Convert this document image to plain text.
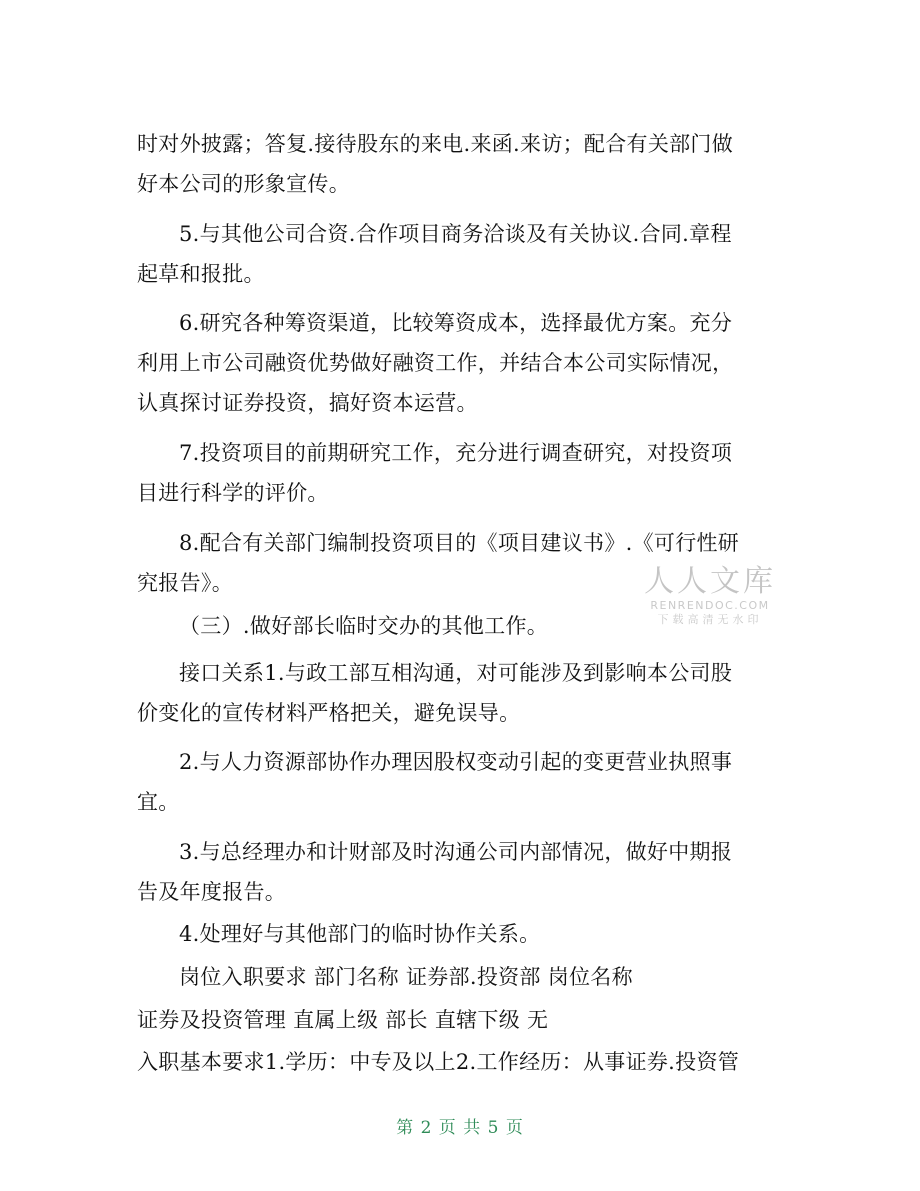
时对外披露；答复.接待股东的来电.来函.来访；配合有关部门做

好本公司的形象宣传。

5.与其他公司合资.合作项目商务洽谈及有关协议.合同.章程

起草和报批。

6.研究各种筹资渠道，比较筹资成本，选择最优方案。充分

利用上市公司融资优势做好融资工作，并结合本公司实际情况，

认真探讨证券投资，搞好资本运营。

7.投资项目的前期研究工作，充分进行调查研究，对投资项

目进行科学的评价。

8.配合有关部门编制投资项目的《项目建议书》.《可行性研

究报告》。

（三）.做好部长临时交办的其他工作。

接口关系1.与政工部互相沟通，对可能涉及到影响本公司股

价变化的宣传材料严格把关，避免误导。

2.与人力资源部协作办理因股权变动引起的变更营业执照事

宜。

3.与总经理办和计财部及时沟通公司内部情况，做好中期报

告及年度报告。

4.处理好与其他部门的临时协作关系。

岗位入职要求 部门名称 证券部.投资部 岗位名称

证券及投资管理 直属上级 部长 直辖下级 无

入职基本要求1.学历：中专及以上2.工作经历：从事证券.投资管

人人文库
RENRENDOC.COM
下载高清无水印
第 2 页 共 5 页
